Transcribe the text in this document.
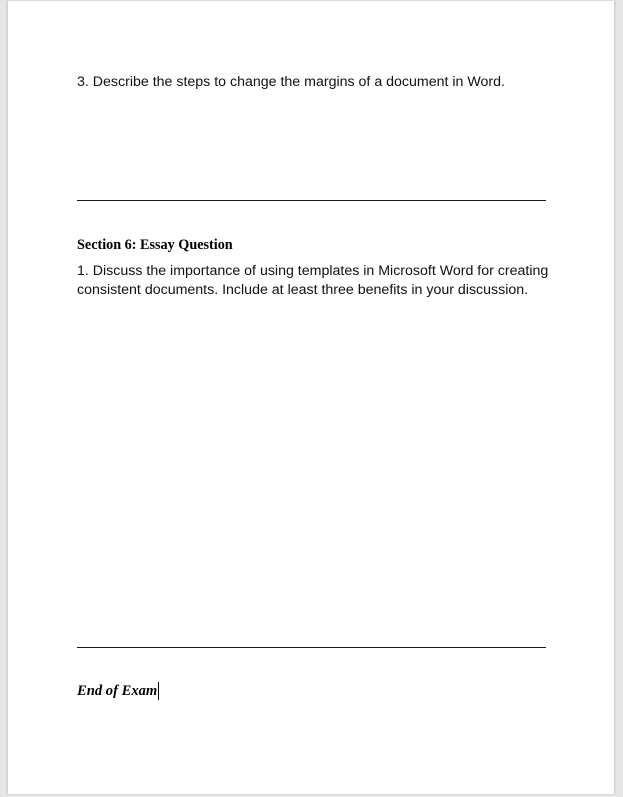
3. Describe the steps to change the margins of a document in Word.

Section 6: Essay Question

1. Discuss the importance of using templates in Microsoft Word for creating consistent documents. Include at least three benefits in your discussion.

End of Exam
